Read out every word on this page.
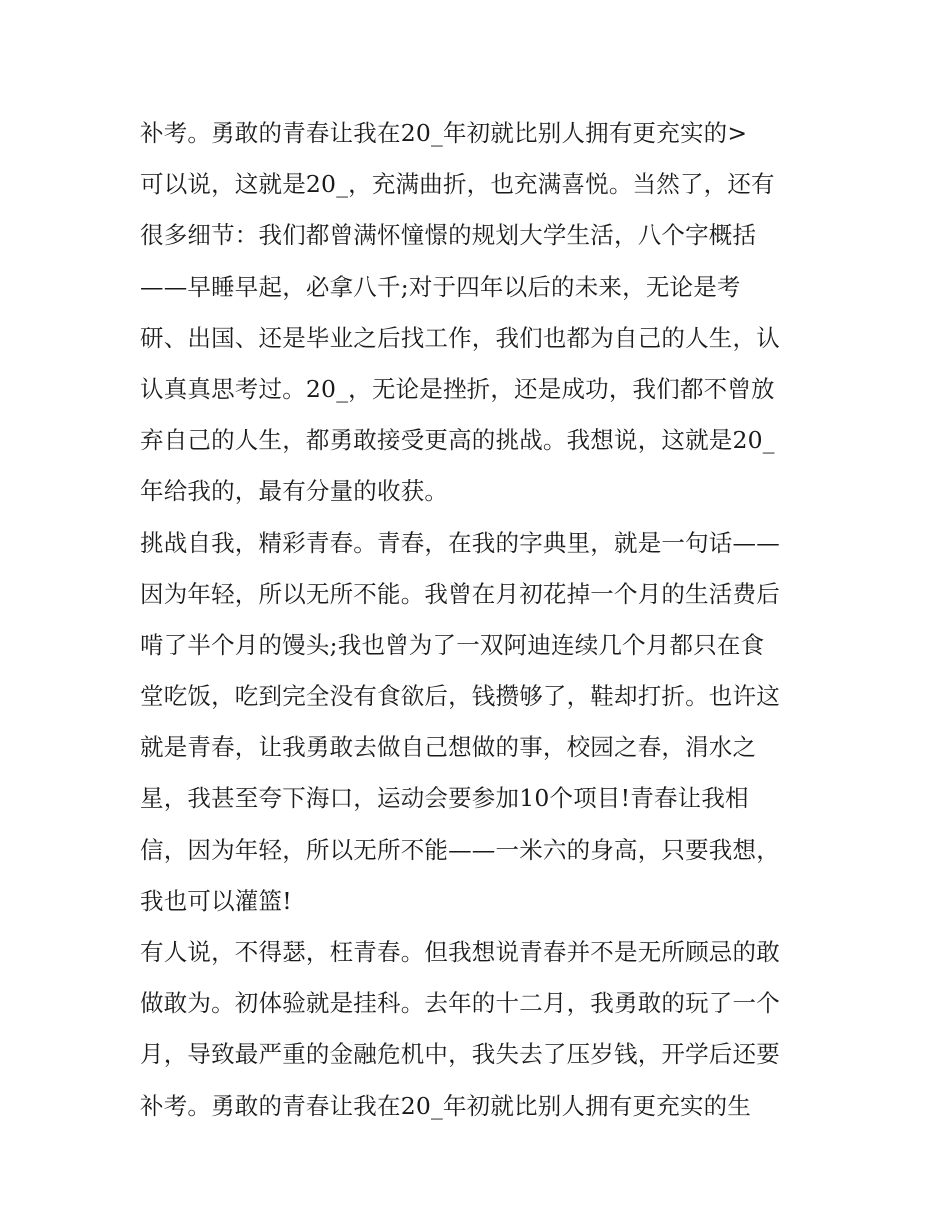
补考。勇敢的青春让我在20_年初就比别人拥有更充实的>
可以说，这就是20_，充满曲折，也充满喜悦。当然了，还有
很多细节：我们都曾满怀憧憬的规划大学生活，八个字概括
——早睡早起，必拿八千;对于四年以后的未来，无论是考
研、出国、还是毕业之后找工作，我们也都为自己的人生，认
认真真思考过。20_，无论是挫折，还是成功，我们都不曾放
弃自己的人生，都勇敢接受更高的挑战。我想说，这就是20_
年给我的，最有分量的收获。
挑战自我，精彩青春。青春，在我的字典里，就是一句话——
因为年轻，所以无所不能。我曾在月初花掉一个月的生活费后
啃了半个月的馒头;我也曾为了一双阿迪连续几个月都只在食
堂吃饭，吃到完全没有食欲后，钱攒够了，鞋却打折。也许这
就是青春，让我勇敢去做自己想做的事，校园之春，涓水之
星，我甚至夸下海口，运动会要参加10个项目!青春让我相
信，因为年轻，所以无所不能——一米六的身高，只要我想，
我也可以灌篮!
有人说，不得瑟，枉青春。但我想说青春并不是无所顾忌的敢
做敢为。初体验就是挂科。去年的十二月，我勇敢的玩了一个
月，导致最严重的金融危机中，我失去了压岁钱，开学后还要
补考。勇敢的青春让我在20_年初就比别人拥有更充实的生
